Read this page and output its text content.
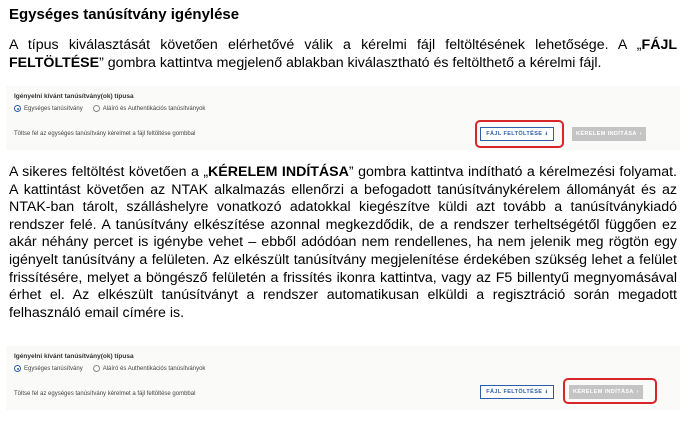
Egységes tanúsítvány igénylése

A típus kiválasztását követően elérhetővé válik a kérelmi fájl feltöltésének lehetősége. A „FÁJL FELTÖLTÉSE” gombra kattintva megjelenő ablakban kiválasztható és feltölthető a kérelmi fájl.

Igényelni kívánt tanúsítvány(ok) típusa
Egységes tanúsítvány	Aláíró és Authentikációs tanúsítványok
Töltse fel az egységes tanúsítvány kérelmet a fájl feltöltése gombbal	FÁJL FELTÖLTÉSE ⭳	KÉRELEM INDÍTÁSA ›

A sikeres feltöltést követően a „KÉRELEM INDÍTÁSA” gombra kattintva indítható a kérelmezési folyamat. A kattintást követően az NTAK alkalmazás ellenőrzi a befogadott tanúsítványkérelem állományát és az NTAK-ban tárolt, szálláshelyre vonatkozó adatokkal kiegészítve küldi azt tovább a tanúsítványkiadó rendszer felé. A tanúsítvány elkészítése azonnal megkezdődik, de a rendszer terheltségétől függően ez akár néhány percet is igénybe vehet – ebből adódóan nem rendellenes, ha nem jelenik meg rögtön egy igényelt tanúsítvány a felületen. Az elkészült tanúsítvány megjelenítése érdekében szükség lehet a felület frissítésére, melyet a böngésző felületén a frissítés ikonra kattintva, vagy az F5 billentyű megnyomásával érhet el. Az elkészült tanúsítványt a rendszer automatikusan elküldi a regisztráció során megadott felhasználó email címére is.

Igényelni kívánt tanúsítvány(ok) típusa
Egységes tanúsítvány	Aláíró és Authentikációs tanúsítványok
Töltse fel az egységes tanúsítvány kérelmet a fájl feltöltése gombbal	FÁJL FELTÖLTÉSE ⭳	KÉRELEM INDÍTÁSA ›
